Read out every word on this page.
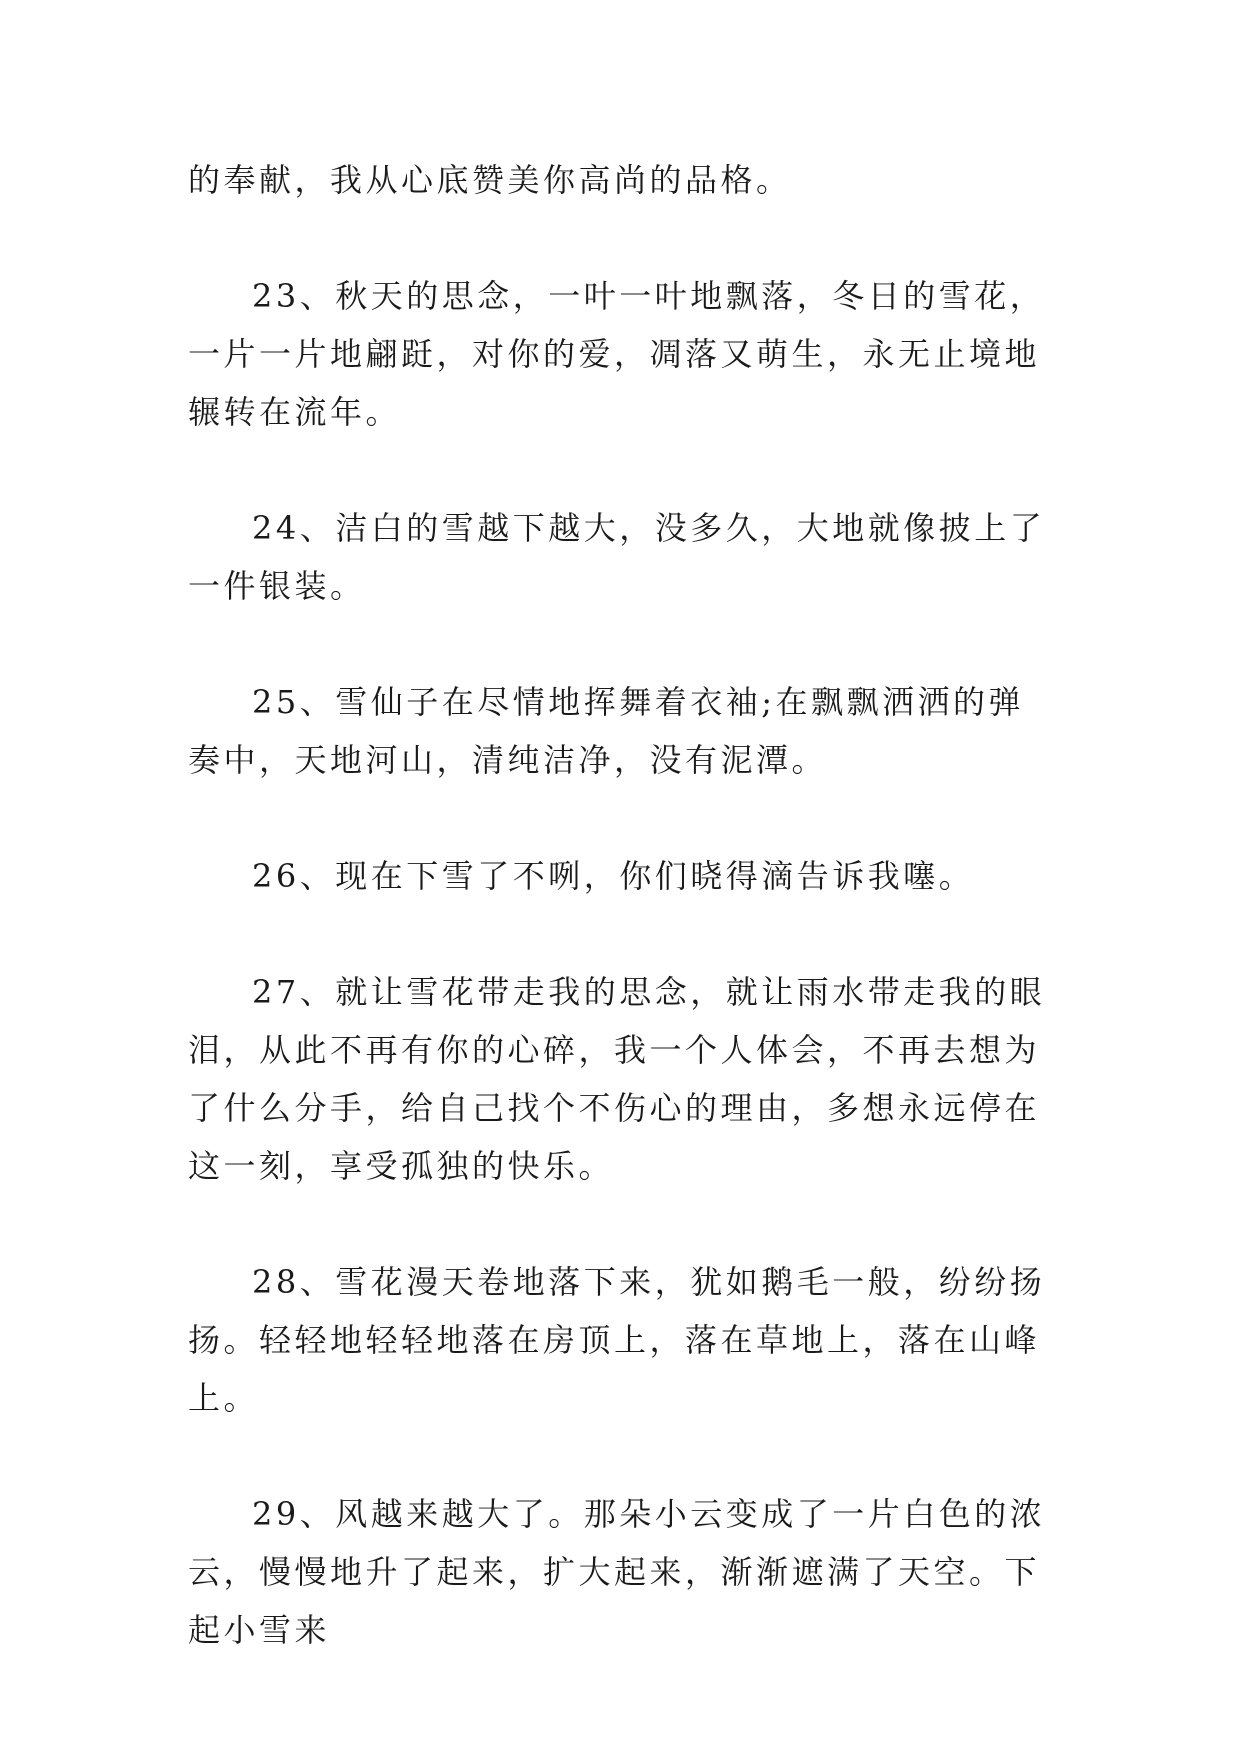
的奉献，我从心底赞美你高尚的品格。

23、秋天的思念，一叶一叶地飘落，冬日的雪花，一片一片地翩跹，对你的爱，凋落又萌生，永无止境地辗转在流年。

24、洁白的雪越下越大，没多久，大地就像披上了一件银装。

25、雪仙子在尽情地挥舞着衣袖;在飘飘洒洒的弹奏中，天地河山，清纯洁净，没有泥潭。

26、现在下雪了不咧，你们晓得滴告诉我噻。

27、就让雪花带走我的思念，就让雨水带走我的眼泪，从此不再有你的心碎，我一个人体会，不再去想为了什么分手，给自己找个不伤心的理由，多想永远停在这一刻，享受孤独的快乐。

28、雪花漫天卷地落下来，犹如鹅毛一般，纷纷扬扬。轻轻地轻轻地落在房顶上，落在草地上，落在山峰上。

29、风越来越大了。那朵小云变成了一片白色的浓云，慢慢地升了起来，扩大起来，渐渐遮满了天空。下起小雪来
